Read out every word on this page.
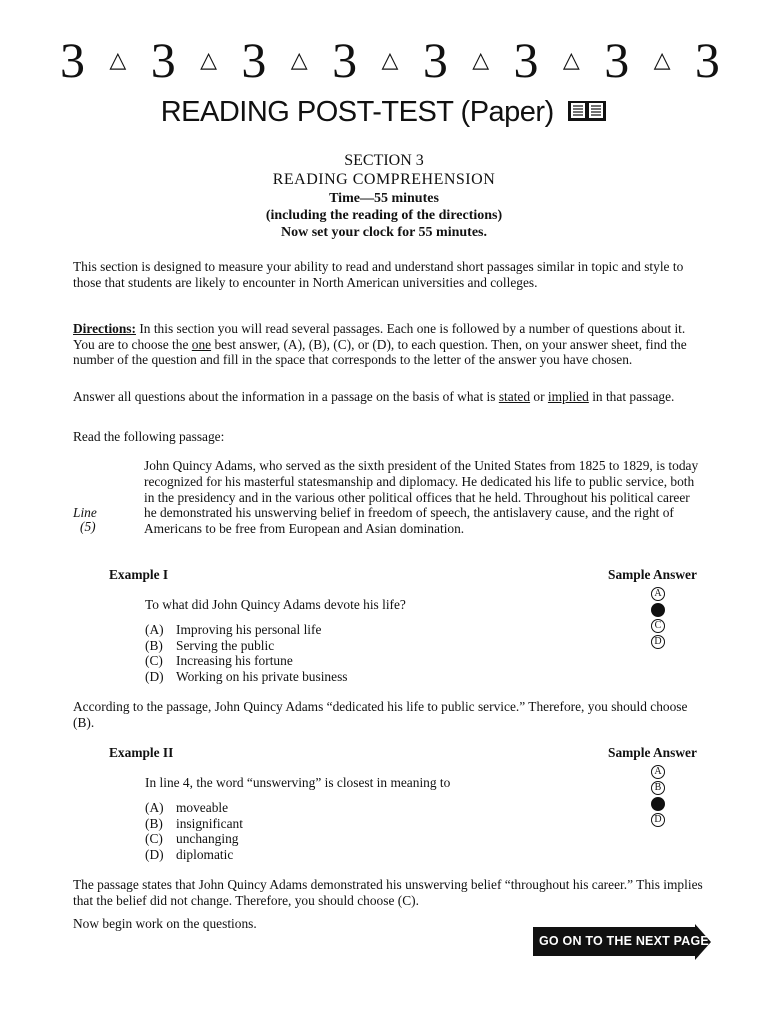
3 △ 3 △ 3 △ 3 △ 3 △ 3 △ 3 △ 3
READING POST-TEST (Paper)
SECTION 3
READING COMPREHENSION
Time—55 minutes
(including the reading of the directions)
Now set your clock for 55 minutes.
This section is designed to measure your ability to read and understand short passages similar in topic and style to those that students are likely to encounter in North American universities and colleges.
Directions: In this section you will read several passages. Each one is followed by a number of questions about it. You are to choose the one best answer, (A), (B), (C), or (D), to each question. Then, on your answer sheet, find the number of the question and fill in the space that corresponds to the letter of the answer you have chosen.
Answer all questions about the information in a passage on the basis of what is stated or implied in that passage.
Read the following passage:
John Quincy Adams, who served as the sixth president of the United States from 1825 to 1829, is today recognized for his masterful statesmanship and diplomacy. He dedicated his life to public service, both in the presidency and in the various other political offices that he held. Throughout his political career he demonstrated his unswerving belief in freedom of speech, the antislavery cause, and the right of Americans to be free from European and Asian domination.
Line
(5)
Example I	Sample Answer
To what did John Quincy Adams devote his life?
(A) Improving his personal life
(B) Serving the public
(C) Increasing his fortune
(D) Working on his private business
A
B
C
D
According to the passage, John Quincy Adams “dedicated his life to public service.” Therefore, you should choose (B).
Example II	Sample Answer
In line 4, the word “unswerving” is closest in meaning to
(A) moveable
(B) insignificant
(C) unchanging
(D) diplomatic
A
B
C
D
The passage states that John Quincy Adams demonstrated his unswerving belief “throughout his career.” This implies that the belief did not change. Therefore, you should choose (C).
Now begin work on the questions.
GO ON TO THE NEXT PAGE
